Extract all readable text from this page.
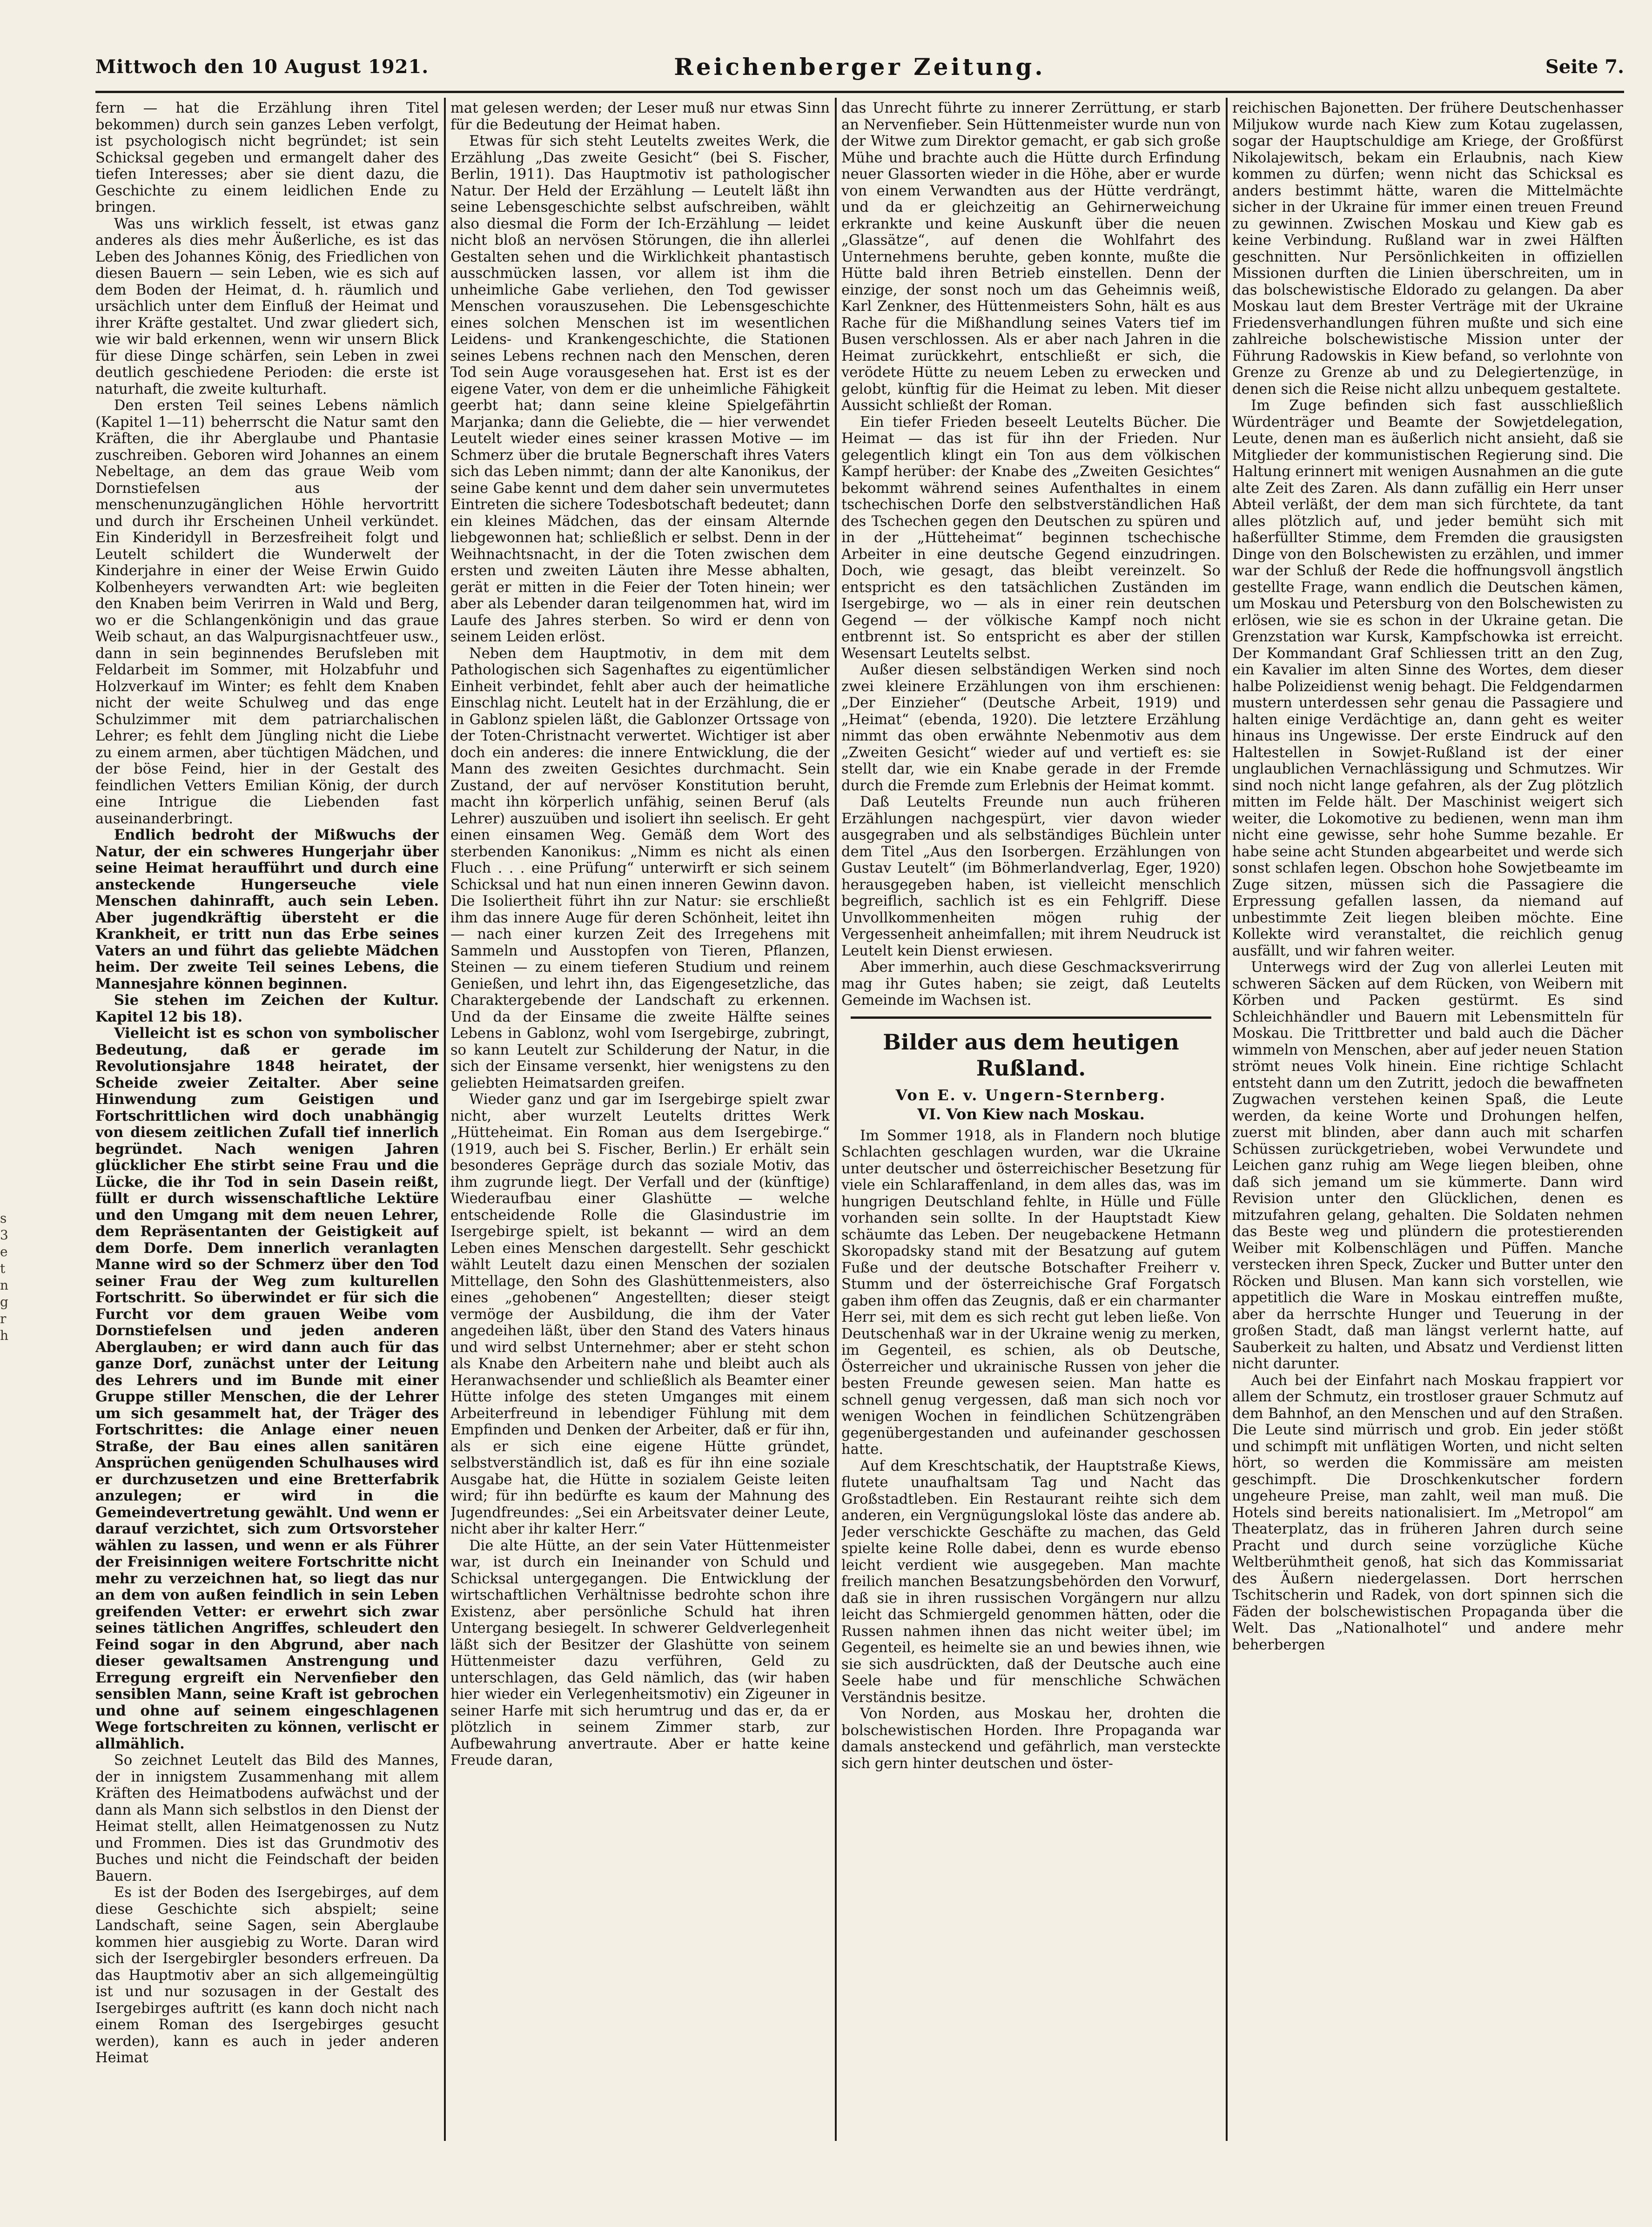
Mittwoch den 10 August 1921.	Reichenberger Zeitung.	Seite 7.
s
3
e
t
n
g
r
h

fern — hat die Erzählung ihren Titel bekommen) durch sein ganzes Leben verfolgt, ist psychologisch nicht begründet; ist sein Schicksal gegeben und ermangelt daher des tiefen Interesses; aber sie dient dazu, die Geschichte zu einem leidlichen Ende zu bringen.

Was uns wirklich fesselt, ist etwas ganz anderes als dies mehr Äußerliche, es ist das Leben des Johannes König, des Friedlichen von diesen Bauern — sein Leben, wie es sich auf dem Boden der Heimat, d. h. räumlich und ursächlich unter dem Einfluß der Heimat und ihrer Kräfte gestaltet. Und zwar gliedert sich, wie wir bald erkennen, wenn wir unsern Blick für diese Dinge schärfen, sein Leben in zwei deutlich geschiedene Perioden: die erste ist naturhaft, die zweite kulturhaft.

Den ersten Teil seines Lebens nämlich (Kapitel 1—11) beherrscht die Natur samt den Kräften, die ihr Aberglaube und Phantasie zuschreiben. Geboren wird Johannes an einem Nebeltage, an dem das graue Weib vom Dornstiefelsen aus der menschenunzugänglichen Höhle hervortritt und durch ihr Erscheinen Unheil verkündet. Ein Kinderidyll in Berzesfreiheit folgt und Leutelt schildert die Wunderwelt der Kinderjahre in einer der Weise Erwin Guido Kolbenheyers verwandten Art: wie begleiten den Knaben beim Verirren in Wald und Berg, wo er die Schlangenkönigin und das graue Weib schaut, an das Walpurgisnachtfeuer usw., dann in sein beginnendes Berufsleben mit Feldarbeit im Sommer, mit Holzabfuhr und Holzverkauf im Winter; es fehlt dem Knaben nicht der weite Schulweg und das enge Schulzimmer mit dem patriarchalischen Lehrer; es fehlt dem Jüngling nicht die Liebe zu einem armen, aber tüchtigen Mädchen, und der böse Feind, hier in der Gestalt des feindlichen Vetters Emilian König, der durch eine Intrigue die Liebenden fast auseinanderbringt.

Endlich bedroht der Mißwuchs der Natur, der ein schweres Hungerjahr über seine Heimat heraufführt und durch eine ansteckende Hungerseuche viele Menschen dahinrafft, auch sein Leben. Aber jugendkräftig übersteht er die Krankheit, er tritt nun das Erbe seines Vaters an und führt das geliebte Mädchen heim. Der zweite Teil seines Lebens, die Mannesjahre können beginnen.

Sie stehen im Zeichen der Kultur. Kapitel 12 bis 18).

Vielleicht ist es schon von symbolischer Bedeutung, daß er gerade im Revolutionsjahre 1848 heiratet, der Scheide zweier Zeitalter. Aber seine Hinwendung zum Geistigen und Fortschrittlichen wird doch unabhängig von diesem zeitlichen Zufall tief innerlich begründet. Nach wenigen Jahren glücklicher Ehe stirbt seine Frau und die Lücke, die ihr Tod in sein Dasein reißt, füllt er durch wissenschaftliche Lektüre und den Umgang mit dem neuen Lehrer, dem Repräsentanten der Geistigkeit auf dem Dorfe. Dem innerlich veranlagten Manne wird so der Schmerz über den Tod seiner Frau der Weg zum kulturellen Fortschritt. So überwindet er für sich die Furcht vor dem grauen Weibe vom Dornstiefelsen und jeden anderen Aberglauben; er wird dann auch für das ganze Dorf, zunächst unter der Leitung des Lehrers und im Bunde mit einer Gruppe stiller Menschen, die der Lehrer um sich gesammelt hat, der Träger des Fortschrittes: die Anlage einer neuen Straße, der Bau eines allen sanitären Ansprüchen genügenden Schulhauses wird er durchzusetzen und eine Bretterfabrik anzulegen; er wird in die Gemeindevertretung gewählt. Und wenn er darauf verzichtet, sich zum Ortsvorsteher wählen zu lassen, und wenn er als Führer der Freisinnigen weitere Fortschritte nicht mehr zu verzeichnen hat, so liegt das nur an dem von außen feindlich in sein Leben greifenden Vetter: er erwehrt sich zwar seines tätlichen Angriffes, schleudert den Feind sogar in den Abgrund, aber nach dieser gewaltsamen Anstrengung und Erregung ergreift ein Nervenfieber den sensiblen Mann, seine Kraft ist gebrochen und ohne auf seinem eingeschlagenen Wege fortschreiten zu können, verlischt er allmählich.

So zeichnet Leutelt das Bild des Mannes, der in innigstem Zusammenhang mit allem Kräften des Heimatbodens aufwächst und der dann als Mann sich selbstlos in den Dienst der Heimat stellt, allen Heimatgenossen zu Nutz und Frommen. Dies ist das Grundmotiv des Buches und nicht die Feindschaft der beiden Bauern.

Es ist der Boden des Isergebirges, auf dem diese Geschichte sich abspielt; seine Landschaft, seine Sagen, sein Aberglaube kommen hier ausgiebig zu Worte. Daran wird sich der Isergebirgler besonders erfreuen. Da das Hauptmotiv aber an sich allgemeingültig ist und nur sozusagen in der Gestalt des Isergebirges auftritt (es kann doch nicht nach einem Roman des Isergebirges gesucht werden), kann es auch in jeder anderen Heimat

mat gelesen werden; der Leser muß nur etwas Sinn für die Bedeutung der Heimat haben.

Etwas für sich steht Leutelts zweites Werk, die Erzählung „Das zweite Gesicht“ (bei S. Fischer, Berlin, 1911). Das Hauptmotiv ist pathologischer Natur. Der Held der Erzählung — Leutelt läßt ihn seine Lebensgeschichte selbst aufschreiben, wählt also diesmal die Form der Ich-Erzählung — leidet nicht bloß an nervösen Störungen, die ihn allerlei Gestalten sehen und die Wirklichkeit phantastisch ausschmücken lassen, vor allem ist ihm die unheimliche Gabe verliehen, den Tod gewisser Menschen vorauszusehen. Die Lebensgeschichte eines solchen Menschen ist im wesentlichen Leidens- und Krankengeschichte, die Stationen seines Lebens rechnen nach den Menschen, deren Tod sein Auge vorausgesehen hat. Erst ist es der eigene Vater, von dem er die unheimliche Fähigkeit geerbt hat; dann seine kleine Spielgefährtin Marjanka; dann die Geliebte, die — hier verwendet Leutelt wieder eines seiner krassen Motive — im Schmerz über die brutale Begnerschaft ihres Vaters sich das Leben nimmt; dann der alte Kanonikus, der seine Gabe kennt und dem daher sein unvermutetes Eintreten die sichere Todesbotschaft bedeutet; dann ein kleines Mädchen, das der einsam Alternde liebgewonnen hat; schließlich er selbst. Denn in der Weihnachtsnacht, in der die Toten zwischen dem ersten und zweiten Läuten ihre Messe abhalten, gerät er mitten in die Feier der Toten hinein; wer aber als Lebender daran teilgenommen hat, wird im Laufe des Jahres sterben. So wird er denn von seinem Leiden erlöst.

Neben dem Hauptmotiv, in dem mit dem Pathologischen sich Sagenhaftes zu eigentümlicher Einheit verbindet, fehlt aber auch der heimatliche Einschlag nicht. Leutelt hat in der Erzählung, die er in Gablonz spielen läßt, die Gablonzer Ortssage von der Toten-Christnacht verwertet. Wichtiger ist aber doch ein anderes: die innere Entwicklung, die der Mann des zweiten Gesichtes durchmacht. Sein Zustand, der auf nervöser Konstitution beruht, macht ihn körperlich unfähig, seinen Beruf (als Lehrer) auszuüben und isoliert ihn seelisch. Er geht einen einsamen Weg. Gemäß dem Wort des sterbenden Kanonikus: „Nimm es nicht als einen Fluch . . . eine Prüfung“ unterwirft er sich seinem Schicksal und hat nun einen inneren Gewinn davon. Die Isoliertheit führt ihn zur Natur: sie erschließt ihm das innere Auge für deren Schönheit, leitet ihn — nach einer kurzen Zeit des Irregehens mit Sammeln und Ausstopfen von Tieren, Pflanzen, Steinen — zu einem tieferen Studium und reinem Genießen, und lehrt ihn, das Eigengesetzliche, das Charaktergebende der Landschaft zu erkennen. Und da der Einsame die zweite Hälfte seines Lebens in Gablonz, wohl vom Isergebirge, zubringt, so kann Leutelt zur Schilderung der Natur, in die sich der Einsame versenkt, hier wenigstens zu den geliebten Heimatsarden greifen.

Wieder ganz und gar im Isergebirge spielt zwar nicht, aber wurzelt Leutelts drittes Werk „Hütteheimat. Ein Roman aus dem Isergebirge.“ (1919, auch bei S. Fischer, Berlin.) Er erhält sein besonderes Gepräge durch das soziale Motiv, das ihm zugrunde liegt. Der Verfall und der (künftige) Wiederaufbau einer Glashütte — welche entscheidende Rolle die Glasindustrie im Isergebirge spielt, ist bekannt — wird an dem Leben eines Menschen dargestellt. Sehr geschickt wählt Leutelt dazu einen Menschen der sozialen Mittellage, den Sohn des Glashüttenmeisters, also eines „gehobenen“ Angestellten; dieser steigt vermöge der Ausbildung, die ihm der Vater angedeihen läßt, über den Stand des Vaters hinaus und wird selbst Unternehmer; aber er steht schon als Knabe den Arbeitern nahe und bleibt auch als Heranwachsender und schließlich als Beamter einer Hütte infolge des steten Umganges mit einem Arbeiterfreund in lebendiger Fühlung mit dem Empfinden und Denken der Arbeiter, daß er für ihn, als er sich eine eigene Hütte gründet, selbstverständlich ist, daß es für ihn eine soziale Ausgabe hat, die Hütte in sozialem Geiste leiten wird; für ihn bedürfte es kaum der Mahnung des Jugendfreundes: „Sei ein Arbeitsvater deiner Leute, nicht aber ihr kalter Herr.“

Die alte Hütte, an der sein Vater Hüttenmeister war, ist durch ein Ineinander von Schuld und Schicksal untergegangen. Die Entwicklung der wirtschaftlichen Verhältnisse bedrohte schon ihre Existenz, aber persönliche Schuld hat ihren Untergang besiegelt. In schwerer Geldverlegenheit läßt sich der Besitzer der Glashütte von seinem Hüttenmeister dazu verführen, Geld zu unterschlagen, das Geld nämlich, das (wir haben hier wieder ein Verlegenheitsmotiv) ein Zigeuner in seiner Harfe mit sich herumtrug und das er, da er plötzlich in seinem Zimmer starb, zur Aufbewahrung anvertraute. Aber er hatte keine Freude daran,

das Unrecht führte zu innerer Zerrüttung, er starb an Nervenfieber. Sein Hüttenmeister wurde nun von der Witwe zum Direktor gemacht, er gab sich große Mühe und brachte auch die Hütte durch Erfindung neuer Glassorten wieder in die Höhe, aber er wurde von einem Verwandten aus der Hütte verdrängt, und da er gleichzeitig an Gehirnerweichung erkrankte und keine Auskunft über die neuen „Glassätze“, auf denen die Wohlfahrt des Unternehmens beruhte, geben konnte, mußte die Hütte bald ihren Betrieb einstellen. Denn der einzige, der sonst noch um das Geheimnis weiß, Karl Zenkner, des Hüttenmeisters Sohn, hält es aus Rache für die Mißhandlung seines Vaters tief im Busen verschlossen. Als er aber nach Jahren in die Heimat zurückkehrt, entschließt er sich, die verödete Hütte zu neuem Leben zu erwecken und gelobt, künftig für die Heimat zu leben. Mit dieser Aussicht schließt der Roman.

Ein tiefer Frieden beseelt Leutelts Bücher. Die Heimat — das ist für ihn der Frieden. Nur gelegentlich klingt ein Ton aus dem völkischen Kampf herüber: der Knabe des „Zweiten Gesichtes“ bekommt während seines Aufenthaltes in einem tschechischen Dorfe den selbstverständlichen Haß des Tschechen gegen den Deutschen zu spüren und in der „Hütteheimat“ beginnen tschechische Arbeiter in eine deutsche Gegend einzudringen. Doch, wie gesagt, das bleibt vereinzelt. So entspricht es den tatsächlichen Zuständen im Isergebirge, wo — als in einer rein deutschen Gegend — der völkische Kampf noch nicht entbrennt ist. So entspricht es aber der stillen Wesensart Leutelts selbst.

Außer diesen selbständigen Werken sind noch zwei kleinere Erzählungen von ihm erschienen: „Der Einzieher“ (Deutsche Arbeit, 1919) und „Heimat“ (ebenda, 1920). Die letztere Erzählung nimmt das oben erwähnte Nebenmotiv aus dem „Zweiten Gesicht“ wieder auf und vertieft es: sie stellt dar, wie ein Knabe gerade in der Fremde durch die Fremde zum Erlebnis der Heimat kommt.

Daß Leutelts Freunde nun auch früheren Erzählungen nachgespürt, vier davon wieder ausgegraben und als selbständiges Büchlein unter dem Titel „Aus den Isorbergen. Erzählungen von Gustav Leutelt“ (im Böhmerlandverlag, Eger, 1920) herausgegeben haben, ist vielleicht menschlich begreiflich, sachlich ist es ein Fehlgriff. Diese Unvollkommenheiten mögen ruhig der Vergessenheit anheimfallen; mit ihrem Neudruck ist Leutelt kein Dienst erwiesen.

Aber immerhin, auch diese Geschmacksverirrung mag ihr Gutes haben; sie zeigt, daß Leutelts Gemeinde im Wachsen ist.

Bilder aus dem heutigen Rußland.
Von E. v. Ungern-Sternberg.
VI. Von Kiew nach Moskau.

Im Sommer 1918, als in Flandern noch blutige Schlachten geschlagen wurden, war die Ukraine unter deutscher und österreichischer Besetzung für viele ein Schlaraffenland, in dem alles das, was im hungrigen Deutschland fehlte, in Hülle und Fülle vorhanden sein sollte. In der Hauptstadt Kiew schäumte das Leben. Der neugebackene Hetmann Skoropadsky stand mit der Besatzung auf gutem Fuße und der deutsche Botschafter Freiherr v. Stumm und der österreichische Graf Forgatsch gaben ihm offen das Zeugnis, daß er ein charmanter Herr sei, mit dem es sich recht gut leben ließe. Von Deutschenhaß war in der Ukraine wenig zu merken, im Gegenteil, es schien, als ob Deutsche, Österreicher und ukrainische Russen von jeher die besten Freunde gewesen seien. Man hatte es schnell genug vergessen, daß man sich noch vor wenigen Wochen in feindlichen Schützengräben gegenübergestanden und aufeinander geschossen hatte.

Auf dem Kreschtschatik, der Hauptstraße Kiews, flutete unaufhaltsam Tag und Nacht das Großstadtleben. Ein Restaurant reihte sich dem anderen, ein Vergnügungslokal löste das andere ab. Jeder verschickte Geschäfte zu machen, das Geld spielte keine Rolle dabei, denn es wurde ebenso leicht verdient wie ausgegeben. Man machte freilich manchen Besatzungsbehörden den Vorwurf, daß sie in ihren russischen Vorgängern nur allzu leicht das Schmiergeld genommen hätten, oder die Russen nahmen ihnen das nicht weiter übel; im Gegenteil, es heimelte sie an und bewies ihnen, wie sie sich ausdrückten, daß der Deutsche auch eine Seele habe und für menschliche Schwächen Verständnis besitze.

Von Norden, aus Moskau her, drohten die bolschewistischen Horden. Ihre Propaganda war damals ansteckend und gefährlich, man versteckte sich gern hinter deutschen und öster-

reichischen Bajonetten. Der frühere Deutschenhasser Miljukow wurde nach Kiew zum Kotau zugelassen, sogar der Hauptschuldige am Kriege, der Großfürst Nikolajewitsch, bekam ein Erlaubnis, nach Kiew kommen zu dürfen; wenn nicht das Schicksal es anders bestimmt hätte, waren die Mittelmächte sicher in der Ukraine für immer einen treuen Freund zu gewinnen. Zwischen Moskau und Kiew gab es keine Verbindung. Rußland war in zwei Hälften geschnitten. Nur Persönlichkeiten in offiziellen Missionen durften die Linien überschreiten, um in das bolschewistische Eldorado zu gelangen. Da aber Moskau laut dem Brester Verträge mit der Ukraine Friedensverhandlungen führen mußte und sich eine zahlreiche bolschewistische Mission unter der Führung Radowskis in Kiew befand, so verlohnte von Grenze zu Grenze ab und zu Delegiertenzüge, in denen sich die Reise nicht allzu unbequem gestaltete.

Im Zuge befinden sich fast ausschließlich Würdenträger und Beamte der Sowjetdelegation, Leute, denen man es äußerlich nicht ansieht, daß sie Mitglieder der kommunistischen Regierung sind. Die Haltung erinnert mit wenigen Ausnahmen an die gute alte Zeit des Zaren. Als dann zufällig ein Herr unser Abteil verläßt, der dem man sich fürchtete, da tant alles plötzlich auf, und jeder bemüht sich mit haßerfüllter Stimme, dem Fremden die grausigsten Dinge von den Bolschewisten zu erzählen, und immer war der Schluß der Rede die hoffnungsvoll ängstlich gestellte Frage, wann endlich die Deutschen kämen, um Moskau und Petersburg von den Bolschewisten zu erlösen, wie sie es schon in der Ukraine getan. Die Grenzstation war Kursk, Kampfschowka ist erreicht. Der Kommandant Graf Schliessen tritt an den Zug, ein Kavalier im alten Sinne des Wortes, dem dieser halbe Polizeidienst wenig behagt. Die Feldgendarmen mustern unterdessen sehr genau die Passagiere und halten einige Verdächtige an, dann geht es weiter hinaus ins Ungewisse. Der erste Eindruck auf den Haltestellen in Sowjet-Rußland ist der einer unglaublichen Vernachlässigung und Schmutzes. Wir sind noch nicht lange gefahren, als der Zug plötzlich mitten im Felde hält. Der Maschinist weigert sich weiter, die Lokomotive zu bedienen, wenn man ihm nicht eine gewisse, sehr hohe Summe bezahle. Er habe seine acht Stunden abgearbeitet und werde sich sonst schlafen legen. Obschon hohe Sowjetbeamte im Zuge sitzen, müssen sich die Passagiere die Erpressung gefallen lassen, da niemand auf unbestimmte Zeit liegen bleiben möchte. Eine Kollekte wird veranstaltet, die reichlich genug ausfällt, und wir fahren weiter.

Unterwegs wird der Zug von allerlei Leuten mit schweren Säcken auf dem Rücken, von Weibern mit Körben und Packen gestürmt. Es sind Schleichhändler und Bauern mit Lebensmitteln für Moskau. Die Trittbretter und bald auch die Dächer wimmeln von Menschen, aber auf jeder neuen Station strömt neues Volk hinein. Eine richtige Schlacht entsteht dann um den Zutritt, jedoch die bewaffneten Zugwachen verstehen keinen Spaß, die Leute werden, da keine Worte und Drohungen helfen, zuerst mit blinden, aber dann auch mit scharfen Schüssen zurückgetrieben, wobei Verwundete und Leichen ganz ruhig am Wege liegen bleiben, ohne daß sich jemand um sie kümmerte. Dann wird Revision unter den Glücklichen, denen es mitzufahren gelang, gehalten. Die Soldaten nehmen das Beste weg und plündern die protestierenden Weiber mit Kolbenschlägen und Püffen. Manche verstecken ihren Speck, Zucker und Butter unter den Röcken und Blusen. Man kann sich vorstellen, wie appetitlich die Ware in Moskau eintreffen mußte, aber da herrschte Hunger und Teuerung in der großen Stadt, daß man längst verlernt hatte, auf Sauberkeit zu halten, und Absatz und Verdienst litten nicht darunter.

Auch bei der Einfahrt nach Moskau frappiert vor allem der Schmutz, ein trostloser grauer Schmutz auf dem Bahnhof, an den Menschen und auf den Straßen. Die Leute sind mürrisch und grob. Ein jeder stößt und schimpft mit unflätigen Worten, und nicht selten hört, so werden die Kommissäre am meisten geschimpft. Die Droschkenkutscher fordern ungeheure Preise, man zahlt, weil man muß. Die Hotels sind bereits nationalisiert. Im „Metropol“ am Theaterplatz, das in früheren Jahren durch seine Pracht und durch seine vorzügliche Küche Weltberühmtheit genoß, hat sich das Kommissariat des Äußern niedergelassen. Dort herrschen Tschitscherin und Radek, von dort spinnen sich die Fäden der bolschewistischen Propaganda über die Welt. Das „Nationalhotel“ und andere mehr beherbergen
